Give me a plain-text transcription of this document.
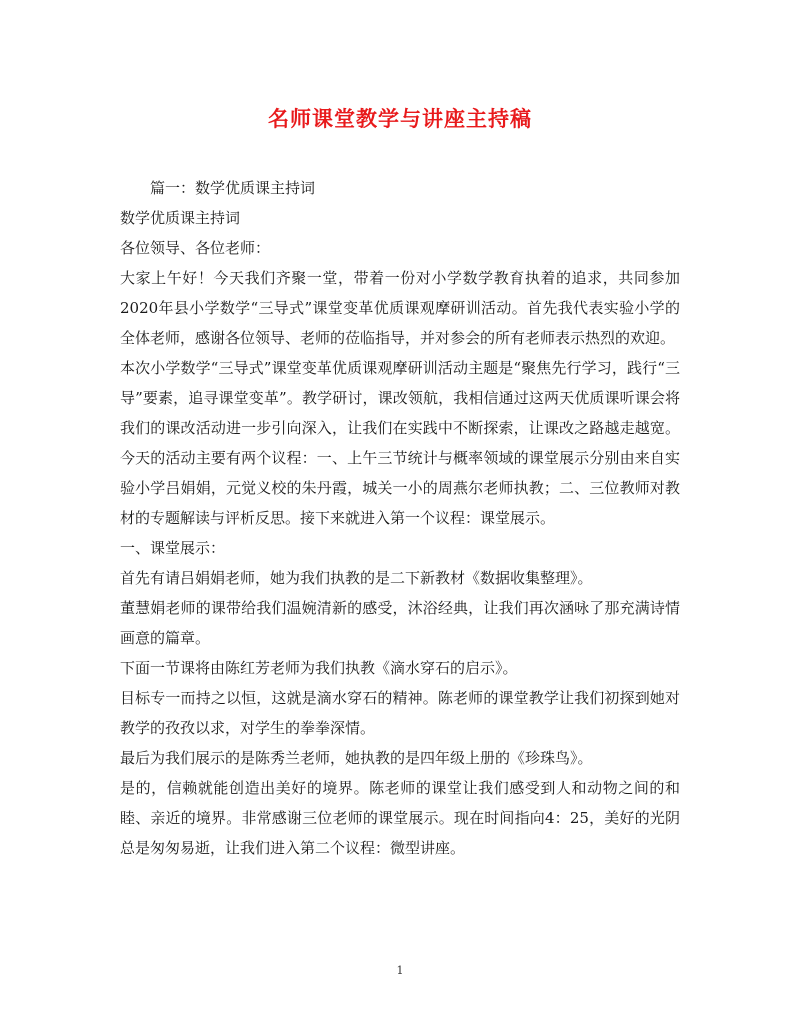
名师课堂教学与讲座主持稿

篇一：数学优质课主持词

数学优质课主持词

各位领导、各位老师：

大家上午好！今天我们齐聚一堂，带着一份对小学数学教育执着的追求，共同参加2020年县小学数学“三导式”课堂变革优质课观摩研训活动。首先我代表实验小学的全体老师，感谢各位领导、老师的莅临指导，并对参会的所有老师表示热烈的欢迎。

本次小学数学“三导式”课堂变革优质课观摩研训活动主题是“聚焦先行学习，践行“三导”要素，追寻课堂变革”。教学研讨，课改领航，我相信通过这两天优质课听课会将我们的课改活动进一步引向深入，让我们在实践中不断探索，让课改之路越走越宽。今天的活动主要有两个议程：一、上午三节统计与概率领域的课堂展示分别由来自实验小学吕娟娟，元觉义校的朱丹霞，城关一小的周燕尔老师执教；二、三位教师对教材的专题解读与评析反思。接下来就进入第一个议程：课堂展示。

一、课堂展示：

首先有请吕娟娟老师，她为我们执教的是二下新教材《数据收集整理》。

董慧娟老师的课带给我们温婉清新的感受，沐浴经典，让我们再次涵咏了那充满诗情画意的篇章。

下面一节课将由陈红芳老师为我们执教《滴水穿石的启示》。

目标专一而持之以恒，这就是滴水穿石的精神。陈老师的课堂教学让我们初探到她对教学的孜孜以求，对学生的拳拳深情。

最后为我们展示的是陈秀兰老师，她执教的是四年级上册的《珍珠鸟》。

是的，信赖就能创造出美好的境界。陈老师的课堂让我们感受到人和动物之间的和睦、亲近的境界。非常感谢三位老师的课堂展示。现在时间指向4：25，美好的光阴总是匆匆易逝，让我们进入第二个议程：微型讲座。

1
